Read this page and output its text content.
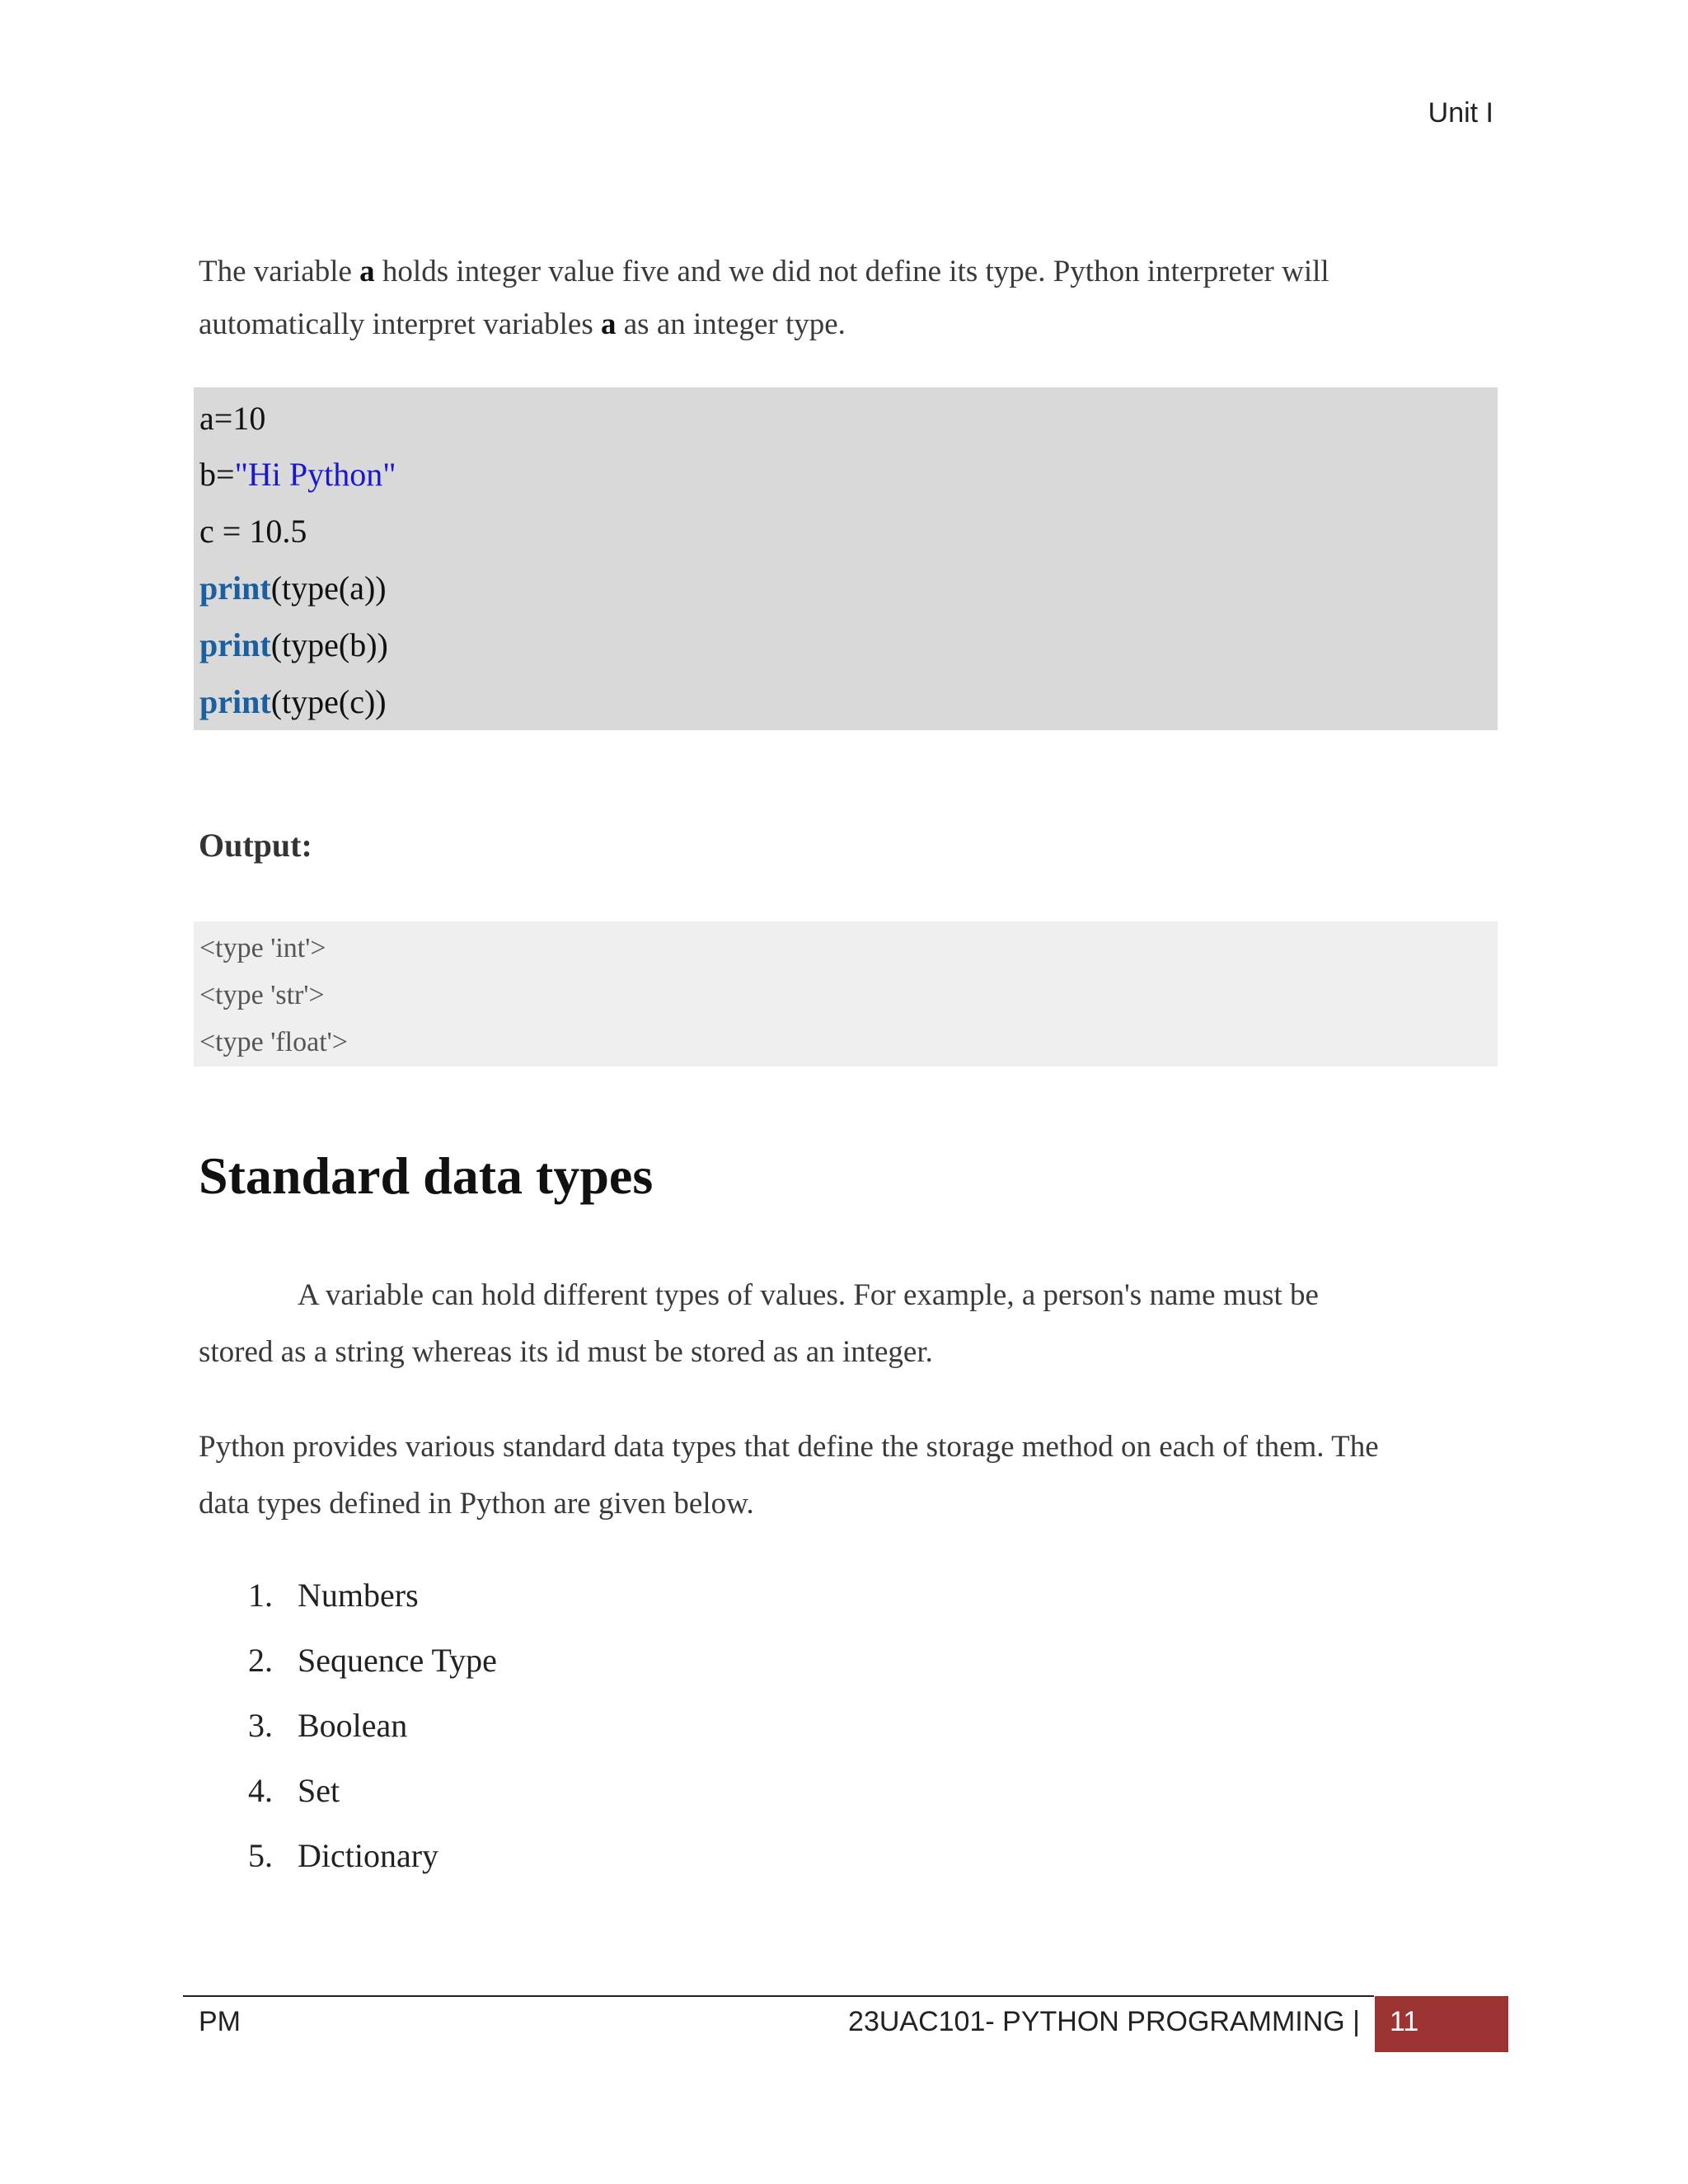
Unit I

The variable a holds integer value five and we did not define its type. Python interpreter will

automatically interpret variables a as an integer type.

a=10
b="Hi Python"
c = 10.5
print(type(a))
print(type(b))
print(type(c))
Output:
<type 'int'>
<type 'str'>
<type 'float'>
Standard data types

A variable can hold different types of values. For example, a person's name must be

stored as a string whereas its id must be stored as an integer.

Python provides various standard data types that define the storage method on each of them. The

data types defined in Python are given below.

1. Numbers
2. Sequence Type
3. Boolean
4. Set
5. Dictionary
PM	23UAC101- PYTHON PROGRAMMING | 11
